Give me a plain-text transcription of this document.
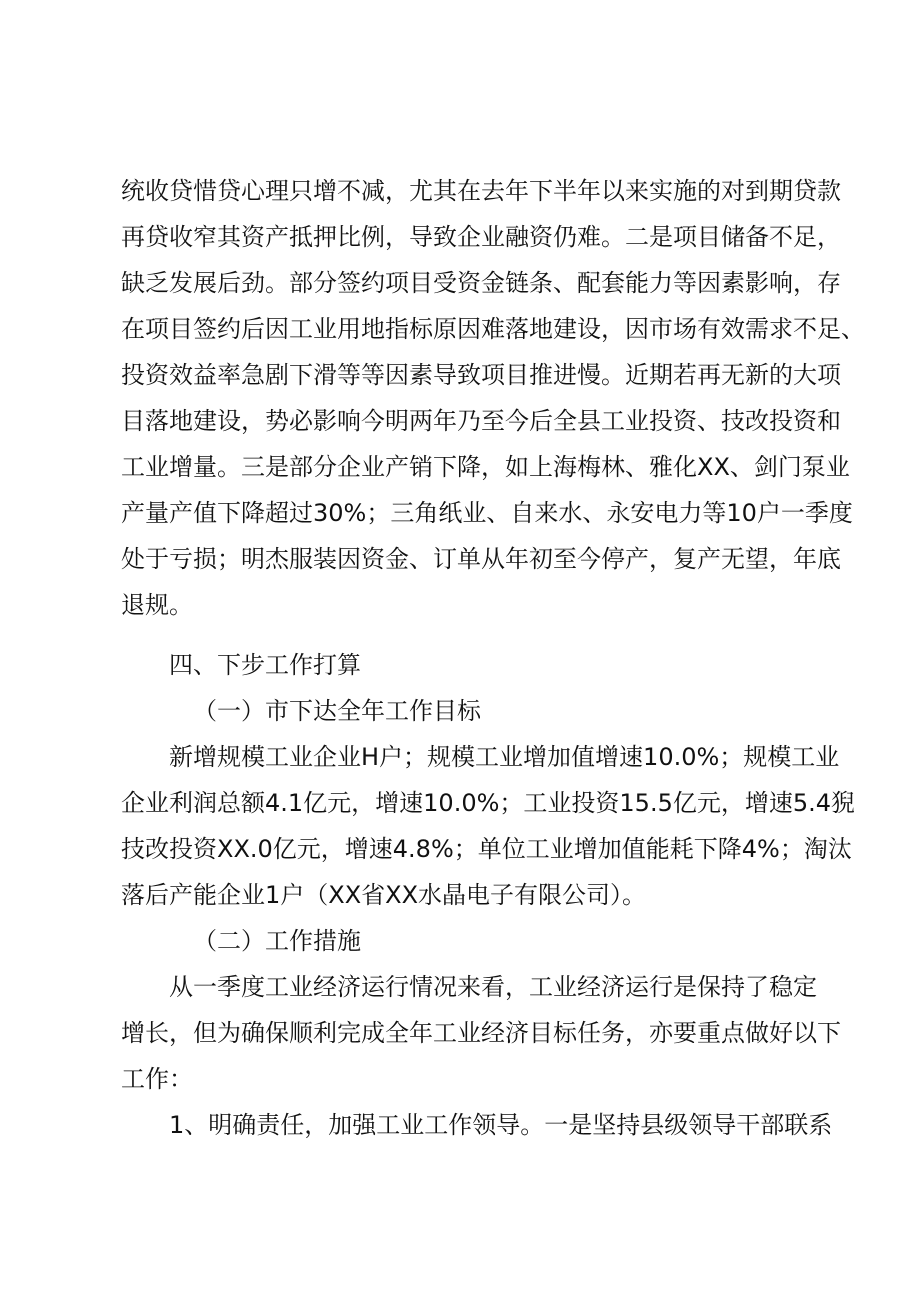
统收贷惜贷心理只增不减，尤其在去年下半年以来实施的对到期贷款
再贷收窄其资产抵押比例，导致企业融资仍难。二是项目储备不足，
缺乏发展后劲。部分签约项目受资金链条、配套能力等因素影响，存
在项目签约后因工业用地指标原因难落地建设，因市场有效需求不足、
投资效益率急剧下滑等等因素导致项目推进慢。近期若再无新的大项
目落地建设，势必影响今明两年乃至今后全县工业投资、技改投资和
工业增量。三是部分企业产销下降，如上海梅林、雅化XX、剑门泵业
产量产值下降超过30%；三角纸业、自来水、永安电力等10户一季度
处于亏损；明杰服装因资金、订单从年初至今停产，复产无望，年底
退规。
四、下步工作打算
（一）市下达全年工作目标
新增规模工业企业H户；规模工业增加值增速10.0%；规模工业
企业利润总额4.1亿元，增速10.0%；工业投资15.5亿元，增速5.4猊
技改投资XX.0亿元，增速4.8%；单位工业增加值能耗下降4%；淘汰
落后产能企业1户（XX省XX水晶电子有限公司）。
（二）工作措施
从一季度工业经济运行情况来看，工业经济运行是保持了稳定
增长，但为确保顺利完成全年工业经济目标任务，亦要重点做好以下
工作：
1、明确责任，加强工业工作领导。一是坚持县级领导干部联系
